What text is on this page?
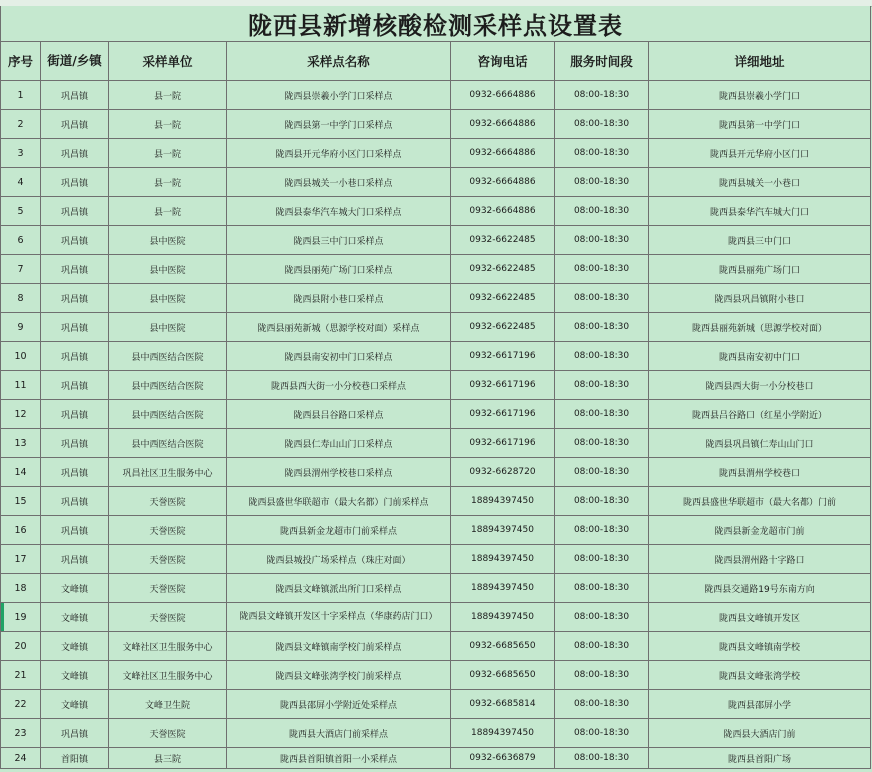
陇西县新增核酸检测采样点设置表						
序号	街道/乡镇	采样单位	采样点名称	咨询电话	服务时间段	详细地址
1	巩昌镇	县一院	陇西县崇羲小学门口采样点	0932-6664886	08:00-18:30	陇西县崇羲小学门口
2	巩昌镇	县一院	陇西县第一中学门口采样点	0932-6664886	08:00-18:30	陇西县第一中学门口
3	巩昌镇	县一院	陇西县开元华府小区门口采样点	0932-6664886	08:00-18:30	陇西县开元华府小区门口
4	巩昌镇	县一院	陇西县城关一小巷口采样点	0932-6664886	08:00-18:30	陇西县城关一小巷口
5	巩昌镇	县一院	陇西县泰华汽车城大门口采样点	0932-6664886	08:00-18:30	陇西县泰华汽车城大门口
6	巩昌镇	县中医院	陇西县三中门口采样点	0932-6622485	08:00-18:30	陇西县三中门口
7	巩昌镇	县中医院	陇西县丽苑广场门口采样点	0932-6622485	08:00-18:30	陇西县丽苑广场门口
8	巩昌镇	县中医院	陇西县附小巷口采样点	0932-6622485	08:00-18:30	陇西县巩昌镇附小巷口
9	巩昌镇	县中医院	陇西县丽苑新城（思源学校对面）采样点	0932-6622485	08:00-18:30	陇西县丽苑新城（思源学校对面）
10	巩昌镇	县中西医结合医院	陇西县南安初中门口采样点	0932-6617196	08:00-18:30	陇西县南安初中门口
11	巩昌镇	县中西医结合医院	陇西县西大街一小分校巷口采样点	0932-6617196	08:00-18:30	陇西县西大街一小分校巷口
12	巩昌镇	县中西医结合医院	陇西县吕谷路口采样点	0932-6617196	08:00-18:30	陇西县吕谷路口（红星小学附近）
13	巩昌镇	县中西医结合医院	陇西县仁寿山山门口采样点	0932-6617196	08:00-18:30	陇西县巩昌镇仁寿山山门口
14	巩昌镇	巩昌社区卫生服务中心	陇西县渭州学校巷口采样点	0932-6628720	08:00-18:30	陇西县渭州学校巷口
15	巩昌镇	天誉医院	陇西县盛世华联超市（最大名都）门前采样点	18894397450	08:00-18:30	陇西县盛世华联超市（最大名都）门前
16	巩昌镇	天誉医院	陇西县新金龙超市门前采样点	18894397450	08:00-18:30	陇西县新金龙超市门前
17	巩昌镇	天誉医院	陇西县城投广场采样点（珠庄对面）	18894397450	08:00-18:30	陇西县渭州路十字路口
18	文峰镇	天誉医院	陇西县文峰镇派出所门口采样点	18894397450	08:00-18:30	陇西县交通路19号东南方向
19	文峰镇	天誉医院	陇西县文峰镇开发区十字采样点（华康药店门口）	18894397450	08:00-18:30	陇西县文峰镇开发区
20	文峰镇	文峰社区卫生服务中心	陇西县文峰镇南学校门前采样点	0932-6685650	08:00-18:30	陇西县文峰镇南学校
21	文峰镇	文峰社区卫生服务中心	陇西县文峰张湾学校门前采样点	0932-6685650	08:00-18:30	陇西县文峰张湾学校
22	文峰镇	文峰卫生院	陇西县邵屏小学附近处采样点	0932-6685814	08:00-18:30	陇西县邵屏小学
23	巩昌镇	天誉医院	陇西县大酒店门前采样点	18894397450	08:00-18:30	陇西县大酒店门前
24	首阳镇	县三院	陇西县首阳镇首阳一小采样点	0932-6636879	08:00-18:30	陇西县首阳广场
